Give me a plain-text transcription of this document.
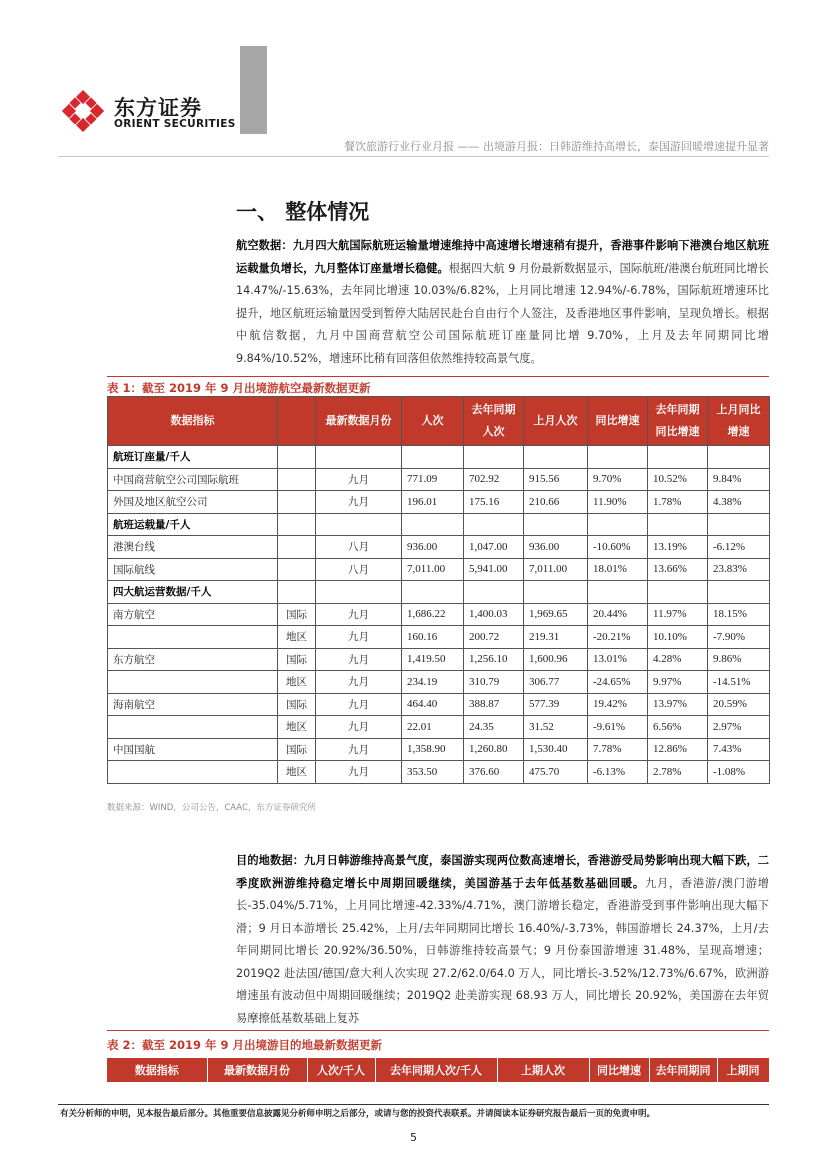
东方证券
ORIENT SECURITIES
餐饮旅游行业行业月报 —— 出境游月报：日韩游维持高增长，泰国游回暖增速提升显著
一、 整体情况
航空数据：九月四大航国际航班运输量增速维持中高速增长增速稍有提升，香港事件影响下港澳台地区航班运载量负增长，九月整体订座量增长稳健。根据四大航 9 月份最新数据显示，国际航班/港澳台航班同比增长 14.47%/-15.63%，去年同比增速 10.03%/6.82%，上月同比增速 12.94%/-6.78%，国际航班增速环比提升，地区航班运输量因受到暂停大陆居民赴台自由行个人签注，及香港地区事件影响，呈现负增长。根据中航信数据，九月中国商营航空公司国际航班订座量同比增 9.70%，上月及去年同期同比增 9.84%/10.52%，增速环比稍有回落但依然维持较高景气度。
表 1：截至 2019 年 9 月出境游航空最新数据更新
数据指标		最新数据月份	人次	去年同期人次	上月人次	同比增速	去年同期同比增速	上月同比增速
航班订座量/千人								
中国商营航空公司国际航班		九月	771.09	702.92	915.56	9.70%	10.52%	9.84%
外国及地区航空公司		九月	196.01	175.16	210.66	11.90%	1.78%	4.38%
航班运载量/千人								
港澳台线		八月	936.00	1,047.00	936.00	-10.60%	13.19%	-6.12%
国际航线		八月	7,011.00	5,941.00	7,011.00	18.01%	13.66%	23.83%
四大航运营数据/千人								
南方航空	国际	九月	1,686.22	1,400.03	1,969.65	20.44%	11.97%	18.15%
	地区	九月	160.16	200.72	219.31	-20.21%	10.10%	-7.90%
东方航空	国际	九月	1,419.50	1,256.10	1,600.96	13.01%	4.28%	9.86%
	地区	九月	234.19	310.79	306.77	-24.65%	9.97%	-14.51%
海南航空	国际	九月	464.40	388.87	577.39	19.42%	13.97%	20.59%
	地区	九月	22.01	24.35	31.52	-9.61%	6.56%	2.97%
中国国航	国际	九月	1,358.90	1,260.80	1,530.40	7.78%	12.86%	7.43%
	地区	九月	353.50	376.60	475.70	-6.13%	2.78%	-1.08%
数据来源：WIND，公司公告，CAAC，东方证券研究所
目的地数据：九月日韩游维持高景气度，泰国游实现两位数高速增长，香港游受局势影响出现大幅下跌，二季度欧洲游维持稳定增长中周期回暖继续，美国游基于去年低基数基础回暖。九月，香港游/澳门游增长-35.04%/5.71%，上月同比增速-42.33%/4.71%，澳门游增长稳定，香港游受到事件影响出现大幅下滑；9 月日本游增长 25.42%，上月/去年同期同比增长 16.40%/-3.73%，韩国游增长 24.37%，上月/去年同期同比增长 20.92%/36.50%，日韩游维持较高景气；9 月份泰国游增速 31.48%，呈现高增速；2019Q2 赴法国/德国/意大利人次实现 27.2/62.0/64.0 万人，同比增长-3.52%/12.73%/6.67%，欧洲游增速虽有波动但中周期回暖继续；2019Q2 赴美游实现 68.93 万人，同比增长 20.92%，美国游在去年贸易摩擦低基数基础上复苏
表 2：截至 2019 年 9 月出境游目的地最新数据更新
数据指标	最新数据月份	人次/千人	去年同期人次/千人	上期人次	同比增速	去年同期同	上期同
有关分析师的申明，见本报告最后部分。其他重要信息披露见分析师申明之后部分，或请与您的投资代表联系。并请阅读本证券研究报告最后一页的免责申明。
5
